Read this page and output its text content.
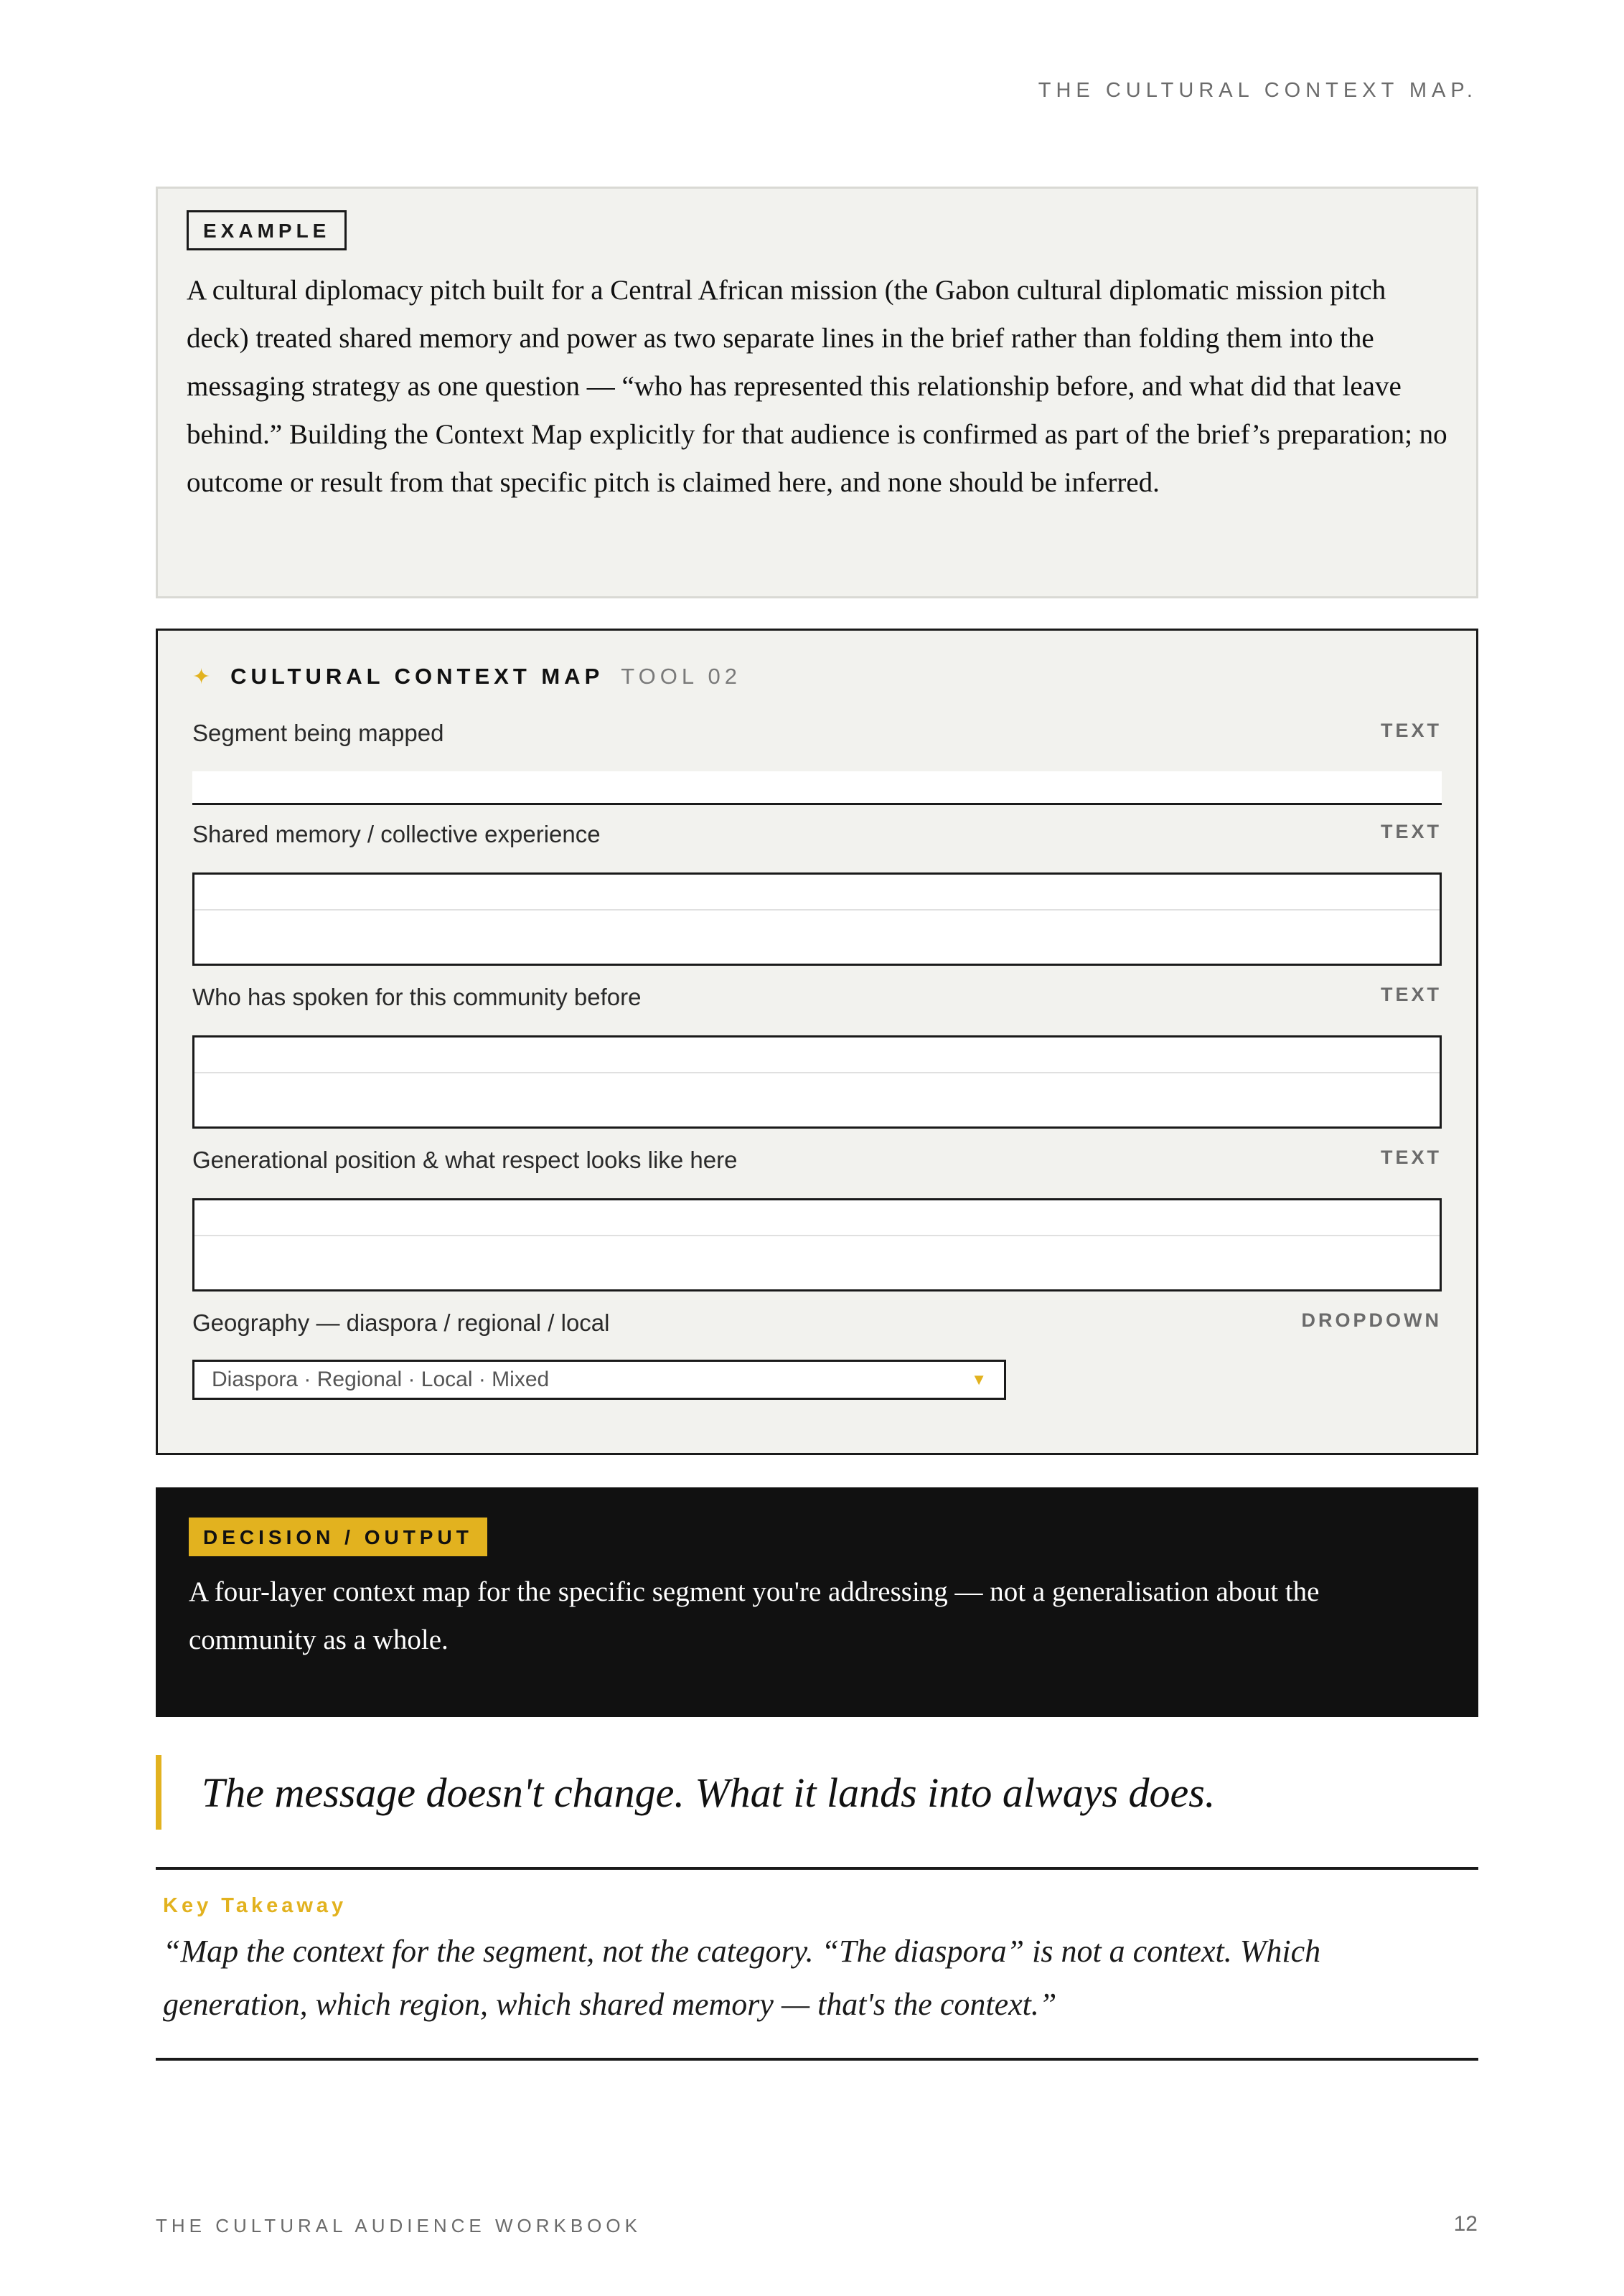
THE CULTURAL CONTEXT MAP.
EXAMPLE
A cultural diplomacy pitch built for a Central African mission (the Gabon cultural diplomatic mission pitch deck) treated shared memory and power as two separate lines in the brief rather than folding them into the messaging strategy as one question — “who has represented this relationship before, and what did that leave behind.” Building the Context Map explicitly for that audience is confirmed as part of the brief’s preparation; no outcome or result from that specific pitch is claimed here, and none should be inferred.
✦ CULTURAL CONTEXT MAP TOOL 02
Segment being mapped	TEXT
Shared memory / collective experience	TEXT
Who has spoken for this community before	TEXT
Generational position & what respect looks like here	TEXT
Geography — diaspora / regional / local	DROPDOWN
Diaspora · Regional · Local · Mixed	▼
DECISION / OUTPUT
A four-layer context map for the specific segment you're addressing — not a generalisation about the community as a whole.
The message doesn't change. What it lands into always does.
Key Takeaway
“Map the context for the segment, not the category. “The diaspora” is not a context. Which generation, which region, which shared memory — that's the context.”
THE CULTURAL AUDIENCE WORKBOOK	12
